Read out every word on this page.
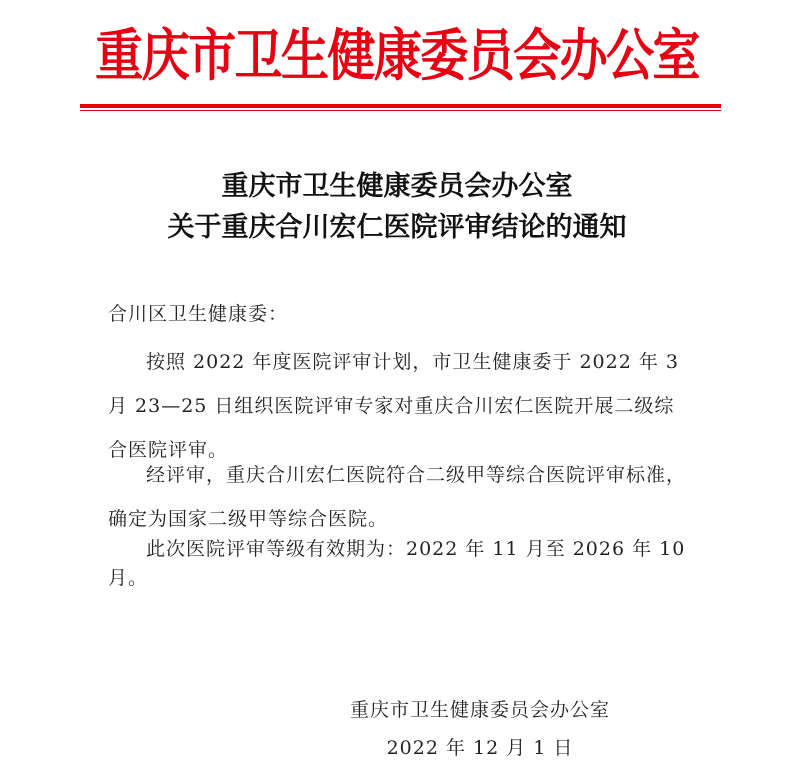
重庆市卫生健康委员会办公室
重庆市卫生健康委员会办公室
关于重庆合川宏仁医院评审结论的通知
合川区卫生健康委：
按照 2022 年度医院评审计划，市卫生健康委于 2022 年 3 月 23—25 日组织医院评审专家对重庆合川宏仁医院开展二级综合医院评审。
经评审，重庆合川宏仁医院符合二级甲等综合医院评审标准，确定为国家二级甲等综合医院。
此次医院评审等级有效期为：2022 年 11 月至 2026 年 10 月。
重庆市卫生健康委员会办公室
2022 年 12 月 1 日
